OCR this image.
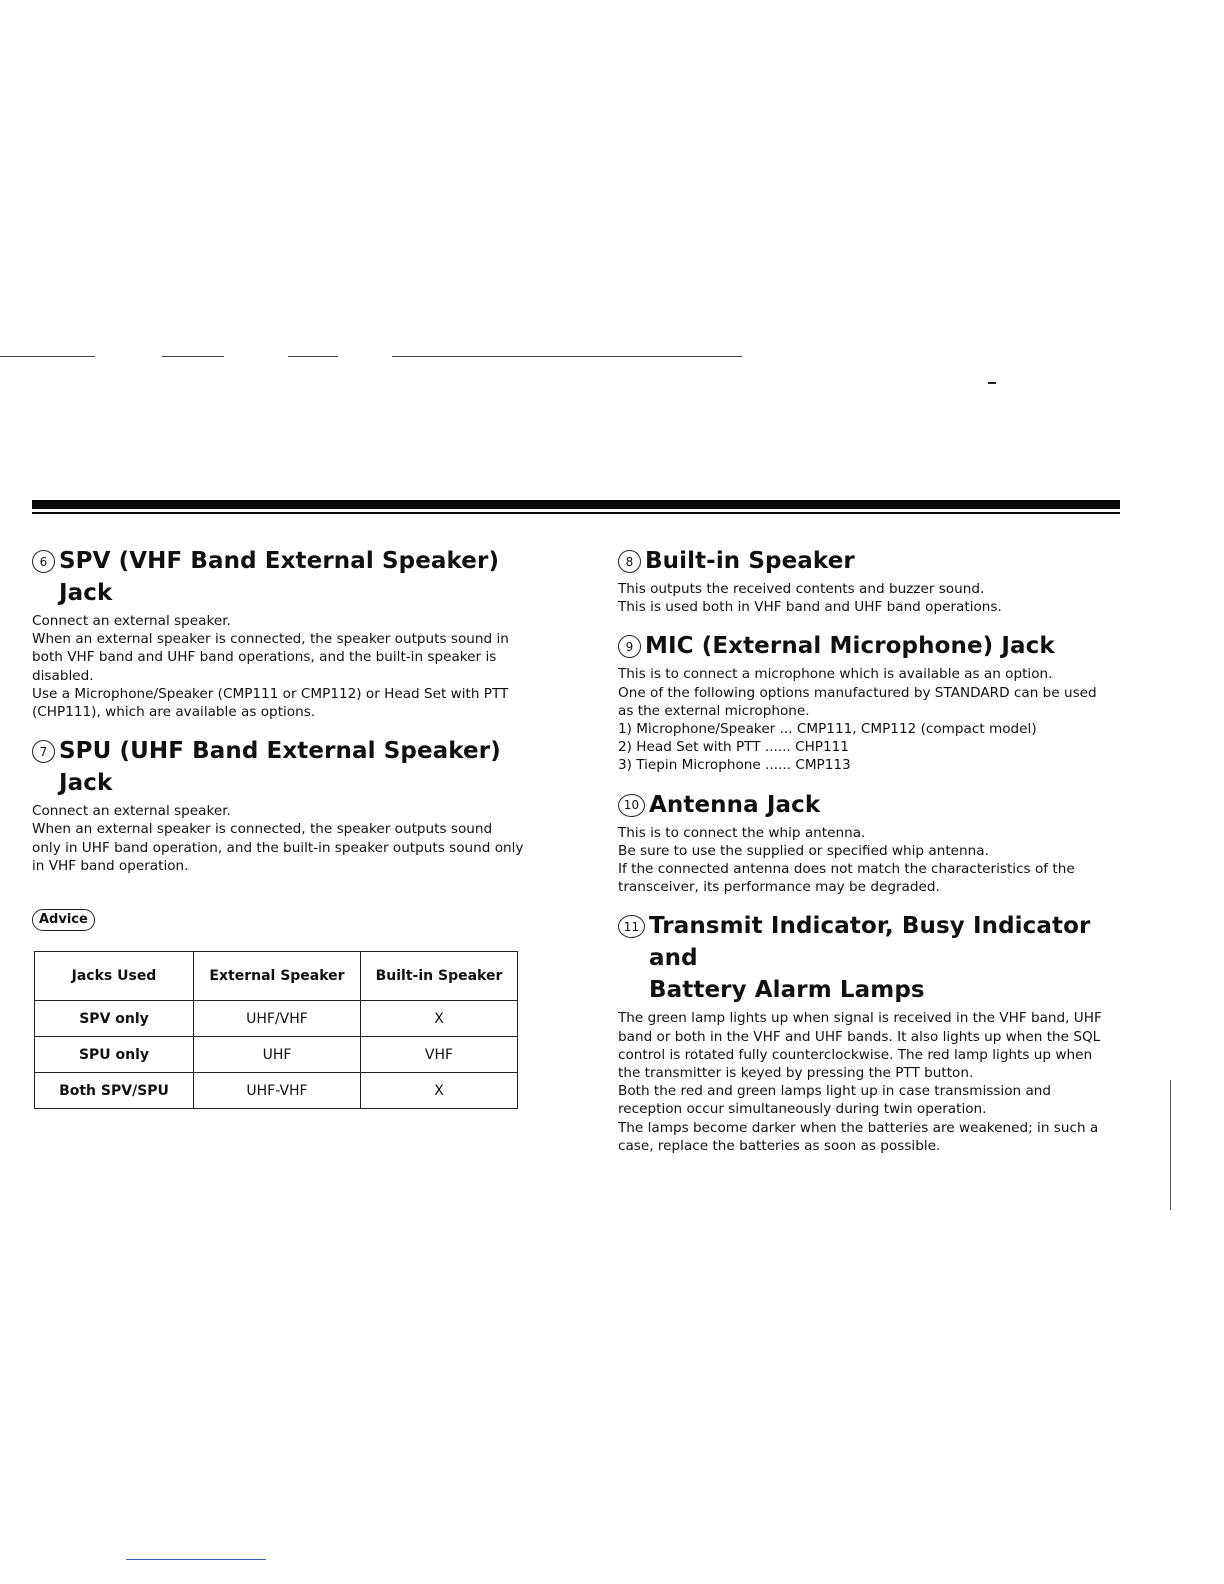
6 SPV (VHF Band External Speaker) Jack

Connect an external speaker.

When an external speaker is connected, the speaker outputs sound in both VHF band and UHF band operations, and the built-in speaker is disabled.

Use a Microphone/Speaker (CMP111 or CMP112) or Head Set with PTT (CHP111), which are available as options.

7 SPU (UHF Band External Speaker) Jack

Connect an external speaker.

When an external speaker is connected, the speaker outputs sound only in UHF band operation, and the built-in speaker outputs sound only in VHF band operation.

Advice
Jacks Used	External Speaker	Built-in Speaker
SPV only	UHF/VHF	X
SPU only	UHF	VHF
Both SPV/SPU	UHF-VHF	X
8 Built-in Speaker

This outputs the received contents and buzzer sound.

This is used both in VHF band and UHF band operations.

9 MIC (External Microphone) Jack

This is to connect a microphone which is available as an option.

One of the following options manufactured by STANDARD can be used as the external microphone.

1) Microphone/Speaker ... CMP111, CMP112 (compact model)

2) Head Set with PTT ...... CHP111

3) Tiepin Microphone ...... CMP113

10 Antenna Jack

This is to connect the whip antenna.

Be sure to use the supplied or specified whip antenna.

If the connected antenna does not match the characteristics of the transceiver, its performance may be degraded.

11 Transmit Indicator, Busy Indicator and
Battery Alarm Lamps

The green lamp lights up when signal is received in the VHF band, UHF band or both in the VHF and UHF bands. It also lights up when the SQL control is rotated fully counterclockwise. The red lamp lights up when the transmitter is keyed by pressing the PTT button.

Both the red and green lamps light up in case transmission and reception occur simultaneously during twin operation.

The lamps become darker when the batteries are weakened; in such a case, replace the batteries as soon as possible.
